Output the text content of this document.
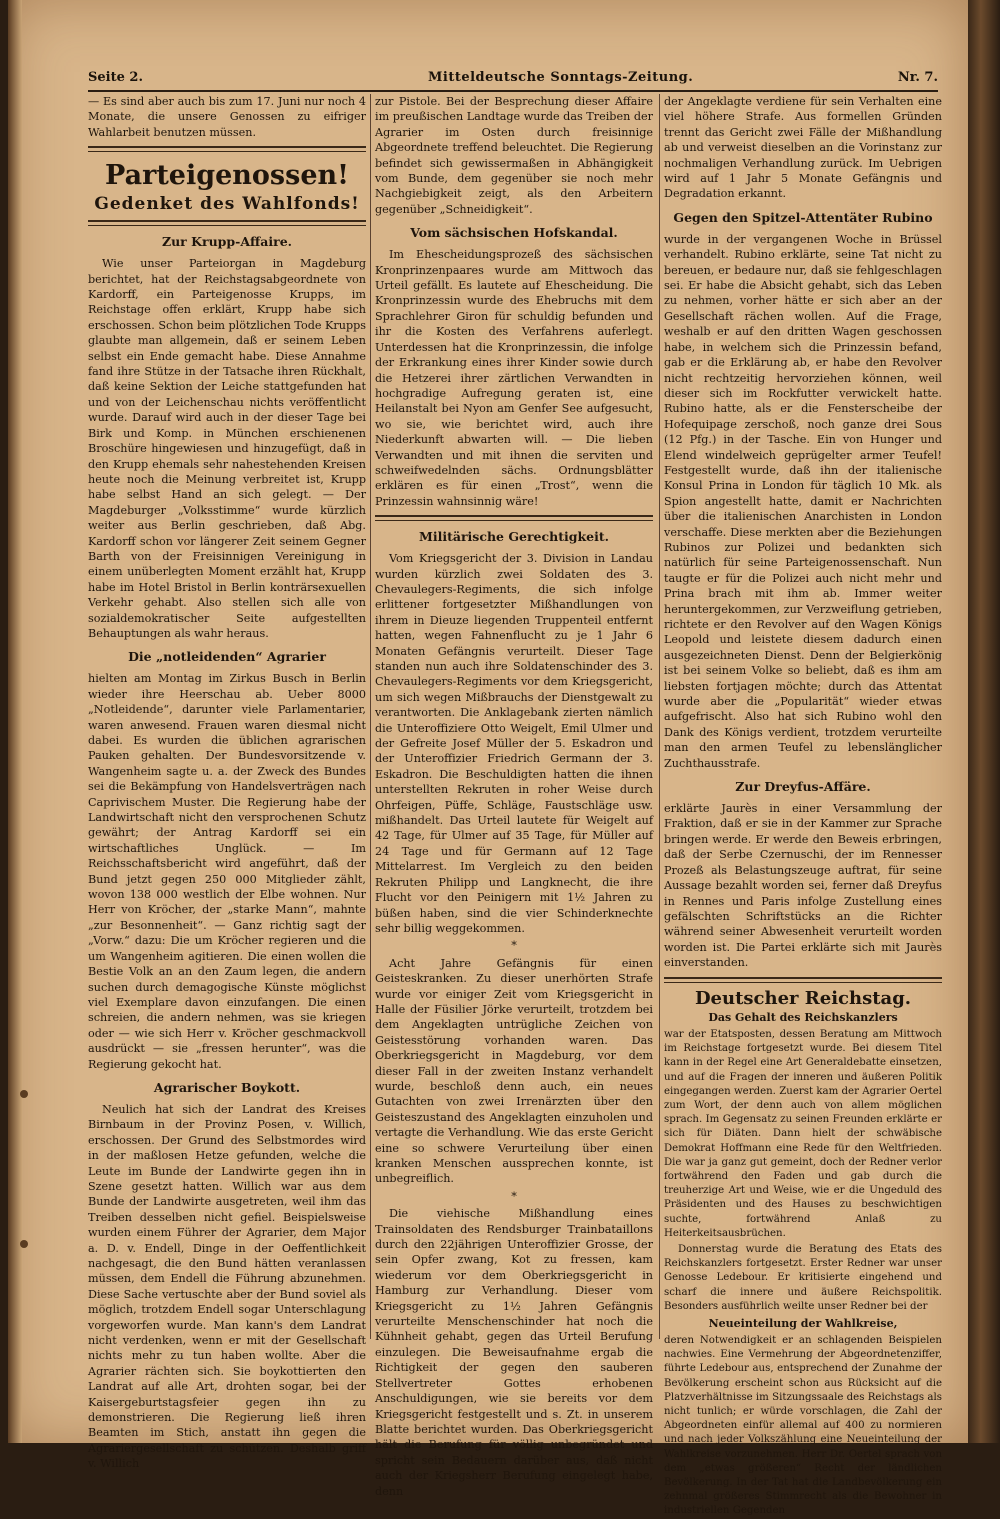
Seite 2.	Mitteldeutsche Sonntags-Zeitung.	Nr. 7.

— Es sind aber auch bis zum 17. Juni nur noch 4 Monate, die unsere Genossen zu eifriger Wahlarbeit benutzen müssen.

Parteigenossen!
Gedenket des Wahlfonds!
Zur Krupp-Affaire.

Wie unser Parteiorgan in Magdeburg berichtet, hat der Reichstagsabgeordnete von Kardorff, ein Parteigenosse Krupps, im Reichstage offen erklärt, Krupp habe sich erschossen. Schon beim plötzlichen Tode Krupps glaubte man allgemein, daß er seinem Leben selbst ein Ende gemacht habe. Diese Annahme fand ihre Stütze in der Tatsache ihren Rückhalt, daß keine Sektion der Leiche stattgefunden hat und von der Leichenschau nichts veröffentlicht wurde. Darauf wird auch in der dieser Tage bei Birk und Komp. in München erschienenen Broschüre hingewiesen und hinzugefügt, daß in den Krupp ehemals sehr nahestehenden Kreisen heute noch die Meinung verbreitet ist, Krupp habe selbst Hand an sich gelegt. — Der Magdeburger „Volksstimme“ wurde kürzlich weiter aus Berlin geschrieben, daß Abg. Kardorff schon vor längerer Zeit seinem Gegner Barth von der Freisinnigen Vereinigung in einem unüberlegten Moment erzählt hat, Krupp habe im Hotel Bristol in Berlin konträrsexuellen Verkehr gehabt. Also stellen sich alle von sozialdemokratischer Seite aufgestellten Behauptungen als wahr heraus.

Die „notleidenden“ Agrarier

hielten am Montag im Zirkus Busch in Berlin wieder ihre Heerschau ab. Ueber 8000 „Notleidende“, darunter viele Parlamentarier, waren anwesend. Frauen waren diesmal nicht dabei. Es wurden die üblichen agrarischen Pauken gehalten. Der Bundesvorsitzende v. Wangenheim sagte u. a. der Zweck des Bundes sei die Bekämpfung von Handelsverträgen nach Caprivischem Muster. Die Regierung habe der Landwirtschaft nicht den versprochenen Schutz gewährt; der Antrag Kardorff sei ein wirtschaftliches Unglück. — Im Reichsschaftsbericht wird angeführt, daß der Bund jetzt gegen 250 000 Mitglieder zählt, wovon 138 000 westlich der Elbe wohnen. Nur Herr von Kröcher, der „starke Mann“, mahnte „zur Besonnenheit“. — Ganz richtig sagt der „Vorw.“ dazu: Die um Kröcher regieren und die um Wangenheim agitieren. Die einen wollen die Bestie Volk an an den Zaum legen, die andern suchen durch demagogische Künste möglichst viel Exemplare davon einzufangen. Die einen schreien, die andern nehmen, was sie kriegen oder — wie sich Herr v. Kröcher geschmackvoll ausdrückt — sie „fressen herunter“, was die Regierung gekocht hat.

Agrarischer Boykott.

Neulich hat sich der Landrat des Kreises Birnbaum in der Provinz Posen, v. Willich, erschossen. Der Grund des Selbstmordes wird in der maßlosen Hetze gefunden, welche die Leute im Bunde der Landwirte gegen ihn in Szene gesetzt hatten. Willich war aus dem Bunde der Landwirte ausgetreten, weil ihm das Treiben desselben nicht gefiel. Beispielsweise wurden einem Führer der Agrarier, dem Major a. D. v. Endell, Dinge in der Oeffentlichkeit nachgesagt, die den Bund hätten veranlassen müssen, dem Endell die Führung abzunehmen. Diese Sache vertuschte aber der Bund soviel als möglich, trotzdem Endell sogar Unterschlagung vorgeworfen wurde. Man kann's dem Landrat nicht verdenken, wenn er mit der Gesellschaft nichts mehr zu tun haben wollte. Aber die Agrarier rächten sich. Sie boykottierten den Landrat auf alle Art, drohten sogar, bei der Kaisergeburtstagsfeier gegen ihn zu demonstrieren. Die Regierung ließ ihren Beamten im Stich, anstatt ihn gegen die Agrariergesellschaft zu schützen. Deshalb griff v. Willich

zur Pistole. Bei der Besprechung dieser Affaire im preußischen Landtage wurde das Treiben der Agrarier im Osten durch freisinnige Abgeordnete treffend beleuchtet. Die Regierung befindet sich gewissermaßen in Abhängigkeit vom Bunde, dem gegenüber sie noch mehr Nachgiebigkeit zeigt, als den Arbeitern gegenüber „Schneidigkeit“.

Vom sächsischen Hofskandal.

Im Ehescheidungsprozeß des sächsischen Kronprinzenpaares wurde am Mittwoch das Urteil gefällt. Es lautete auf Ehescheidung. Die Kronprinzessin wurde des Ehebruchs mit dem Sprachlehrer Giron für schuldig befunden und ihr die Kosten des Verfahrens auferlegt. Unterdessen hat die Kronprinzessin, die infolge der Erkrankung eines ihrer Kinder sowie durch die Hetzerei ihrer zärtlichen Verwandten in hochgradige Aufregung geraten ist, eine Heilanstalt bei Nyon am Genfer See aufgesucht, wo sie, wie berichtet wird, auch ihre Niederkunft abwarten will. — Die lieben Verwandten und mit ihnen die serviten und schweifwedelnden sächs. Ordnungsblätter erklären es für einen „Trost“, wenn die Prinzessin wahnsinnig wäre!

Militärische Gerechtigkeit.

Vom Kriegsgericht der 3. Division in Landau wurden kürzlich zwei Soldaten des 3. Chevaulegers-Regiments, die sich infolge erlittener fortgesetzter Mißhandlungen von ihrem in Dieuze liegenden Truppenteil entfernt hatten, wegen Fahnenflucht zu je 1 Jahr 6 Monaten Gefängnis verurteilt. Dieser Tage standen nun auch ihre Soldatenschinder des 3. Chevaulegers-Regiments vor dem Kriegsgericht, um sich wegen Mißbrauchs der Dienstgewalt zu verantworten. Die Anklagebank zierten nämlich die Unteroffiziere Otto Weigelt, Emil Ulmer und der Gefreite Josef Müller der 5. Eskadron und der Unteroffizier Friedrich Germann der 3. Eskadron. Die Beschuldigten hatten die ihnen unterstellten Rekruten in roher Weise durch Ohrfeigen, Püffe, Schläge, Faustschläge usw. mißhandelt. Das Urteil lautete für Weigelt auf 42 Tage, für Ulmer auf 35 Tage, für Müller auf 24 Tage und für Germann auf 12 Tage Mittelarrest. Im Vergleich zu den beiden Rekruten Philipp und Langknecht, die ihre Flucht vor den Peinigern mit 1½ Jahren zu büßen haben, sind die vier Schinderknechte sehr billig weggekommen.

*

Acht Jahre Gefängnis für einen Geisteskranken. Zu dieser unerhörten Strafe wurde vor einiger Zeit vom Kriegsgericht in Halle der Füsilier Jörke verurteilt, trotzdem bei dem Angeklagten untrügliche Zeichen von Geistesstörung vorhanden waren. Das Oberkriegsgericht in Magdeburg, vor dem dieser Fall in der zweiten Instanz verhandelt wurde, beschloß denn auch, ein neues Gutachten von zwei Irrenärzten über den Geisteszustand des Angeklagten einzuholen und vertagte die Verhandlung. Wie das erste Gericht eine so schwere Verurteilung über einen kranken Menschen aussprechen konnte, ist unbegreiflich.

*

Die viehische Mißhandlung eines Trainsoldaten des Rendsburger Trainbataillons durch den 22jährigen Unteroffizier Grosse, der sein Opfer zwang, Kot zu fressen, kam wiederum vor dem Oberkriegsgericht in Hamburg zur Verhandlung. Dieser vom Kriegsgericht zu 1½ Jahren Gefängnis verurteilte Menschenschinder hat noch die Kühnheit gehabt, gegen das Urteil Berufung einzulegen. Die Beweisaufnahme ergab die Richtigkeit der gegen den sauberen Stellvertreter Gottes erhobenen Anschuldigungen, wie sie bereits vor dem Kriegsgericht festgestellt und s. Zt. in unserem Blatte berichtet wurden. Das Oberkriegsgericht hält die Berufung für völlig unbegründet und spricht sein Bedauern darüber aus, daß nicht auch der Kriegsherr Berufung eingelegt habe, denn

der Angeklagte verdiene für sein Verhalten eine viel höhere Strafe. Aus formellen Gründen trennt das Gericht zwei Fälle der Mißhandlung ab und verweist dieselben an die Vorinstanz zur nochmaligen Verhandlung zurück. Im Uebrigen wird auf 1 Jahr 5 Monate Gefängnis und Degradation erkannt.

Gegen den Spitzel-Attentäter Rubino

wurde in der vergangenen Woche in Brüssel verhandelt. Rubino erklärte, seine Tat nicht zu bereuen, er bedaure nur, daß sie fehlgeschlagen sei. Er habe die Absicht gehabt, sich das Leben zu nehmen, vorher hätte er sich aber an der Gesellschaft rächen wollen. Auf die Frage, weshalb er auf den dritten Wagen geschossen habe, in welchem sich die Prinzessin befand, gab er die Erklärung ab, er habe den Revolver nicht rechtzeitig hervorziehen können, weil dieser sich im Rockfutter verwickelt hatte. Rubino hatte, als er die Fensterscheibe der Hofequipage zerschoß, noch ganze drei Sous (12 Pfg.) in der Tasche. Ein von Hunger und Elend windelweich geprügelter armer Teufel! Festgestellt wurde, daß ihn der italienische Konsul Prina in London für täglich 10 Mk. als Spion angestellt hatte, damit er Nachrichten über die italienischen Anarchisten in London verschaffe. Diese merkten aber die Beziehungen Rubinos zur Polizei und bedankten sich natürlich für seine Parteigenossenschaft. Nun taugte er für die Polizei auch nicht mehr und Prina brach mit ihm ab. Immer weiter heruntergekommen, zur Verzweiflung getrieben, richtete er den Revolver auf den Wagen Königs Leopold und leistete diesem dadurch einen ausgezeichneten Dienst. Denn der Belgierkönig ist bei seinem Volke so beliebt, daß es ihm am liebsten fortjagen möchte; durch das Attentat wurde aber die „Popularität“ wieder etwas aufgefrischt. Also hat sich Rubino wohl den Dank des Königs verdient, trotzdem verurteilte man den armen Teufel zu lebenslänglicher Zuchthausstrafe.

Zur Dreyfus-Affäre.

erklärte Jaurès in einer Versammlung der Fraktion, daß er sie in der Kammer zur Sprache bringen werde. Er werde den Beweis erbringen, daß der Serbe Czernuschi, der im Rennesser Prozeß als Belastungszeuge auftrat, für seine Aussage bezahlt worden sei, ferner daß Dreyfus in Rennes und Paris infolge Zustellung eines gefälschten Schriftstücks an die Richter während seiner Abwesenheit verurteilt worden worden ist. Die Partei erklärte sich mit Jaurès einverstanden.

Deutscher Reichstag.
Das Gehalt des Reichskanzlers

war der Etatsposten, dessen Beratung am Mittwoch im Reichstage fortgesetzt wurde. Bei diesem Titel kann in der Regel eine Art Generaldebatte einsetzen, und auf die Fragen der inneren und äußeren Politik eingegangen werden. Zuerst kam der Agrarier Oertel zum Wort, der denn auch von allem möglichen sprach. Im Gegensatz zu seinen Freunden erklärte er sich für Diäten. Dann hielt der schwäbische Demokrat Hoffmann eine Rede für den Weltfrieden. Die war ja ganz gut gemeint, doch der Redner verlor fortwährend den Faden und gab durch die treuherzige Art und Weise, wie er die Ungeduld des Präsidenten und des Hauses zu beschwichtigen suchte, fortwährend Anlaß zu Heiterkeitsausbrüchen.

Donnerstag wurde die Beratung des Etats des Reichskanzlers fortgesetzt. Erster Redner war unser Genosse Ledebour. Er kritisierte eingehend und scharf die innere und äußere Reichspolitik. Besonders ausführlich weilte unser Redner bei der

Neueinteilung der Wahlkreise,

deren Notwendigkeit er an schlagenden Beispielen nachwies. Eine Vermehrung der Abgeordnetenziffer, führte Ledebour aus, entsprechend der Zunahme der Bevölkerung erscheint schon aus Rücksicht auf die Platzverhältnisse im Sitzungssaale des Reichstags als nicht tunlich; er würde vorschlagen, die Zahl der Abgeordneten einfür allemal auf 400 zu normieren und nach jeder Volkszählung eine Neueinteilung der Wahlkreise vorzunehmen. Herr Dr. Oertel sprach von dem „etwas größeren“ Recht der ländlichen Bevölkerung. In der Tat hat die Landbevölkerung ein zehnmal größeres Stimmrecht als die Bewohner in industriellen Gegenden
